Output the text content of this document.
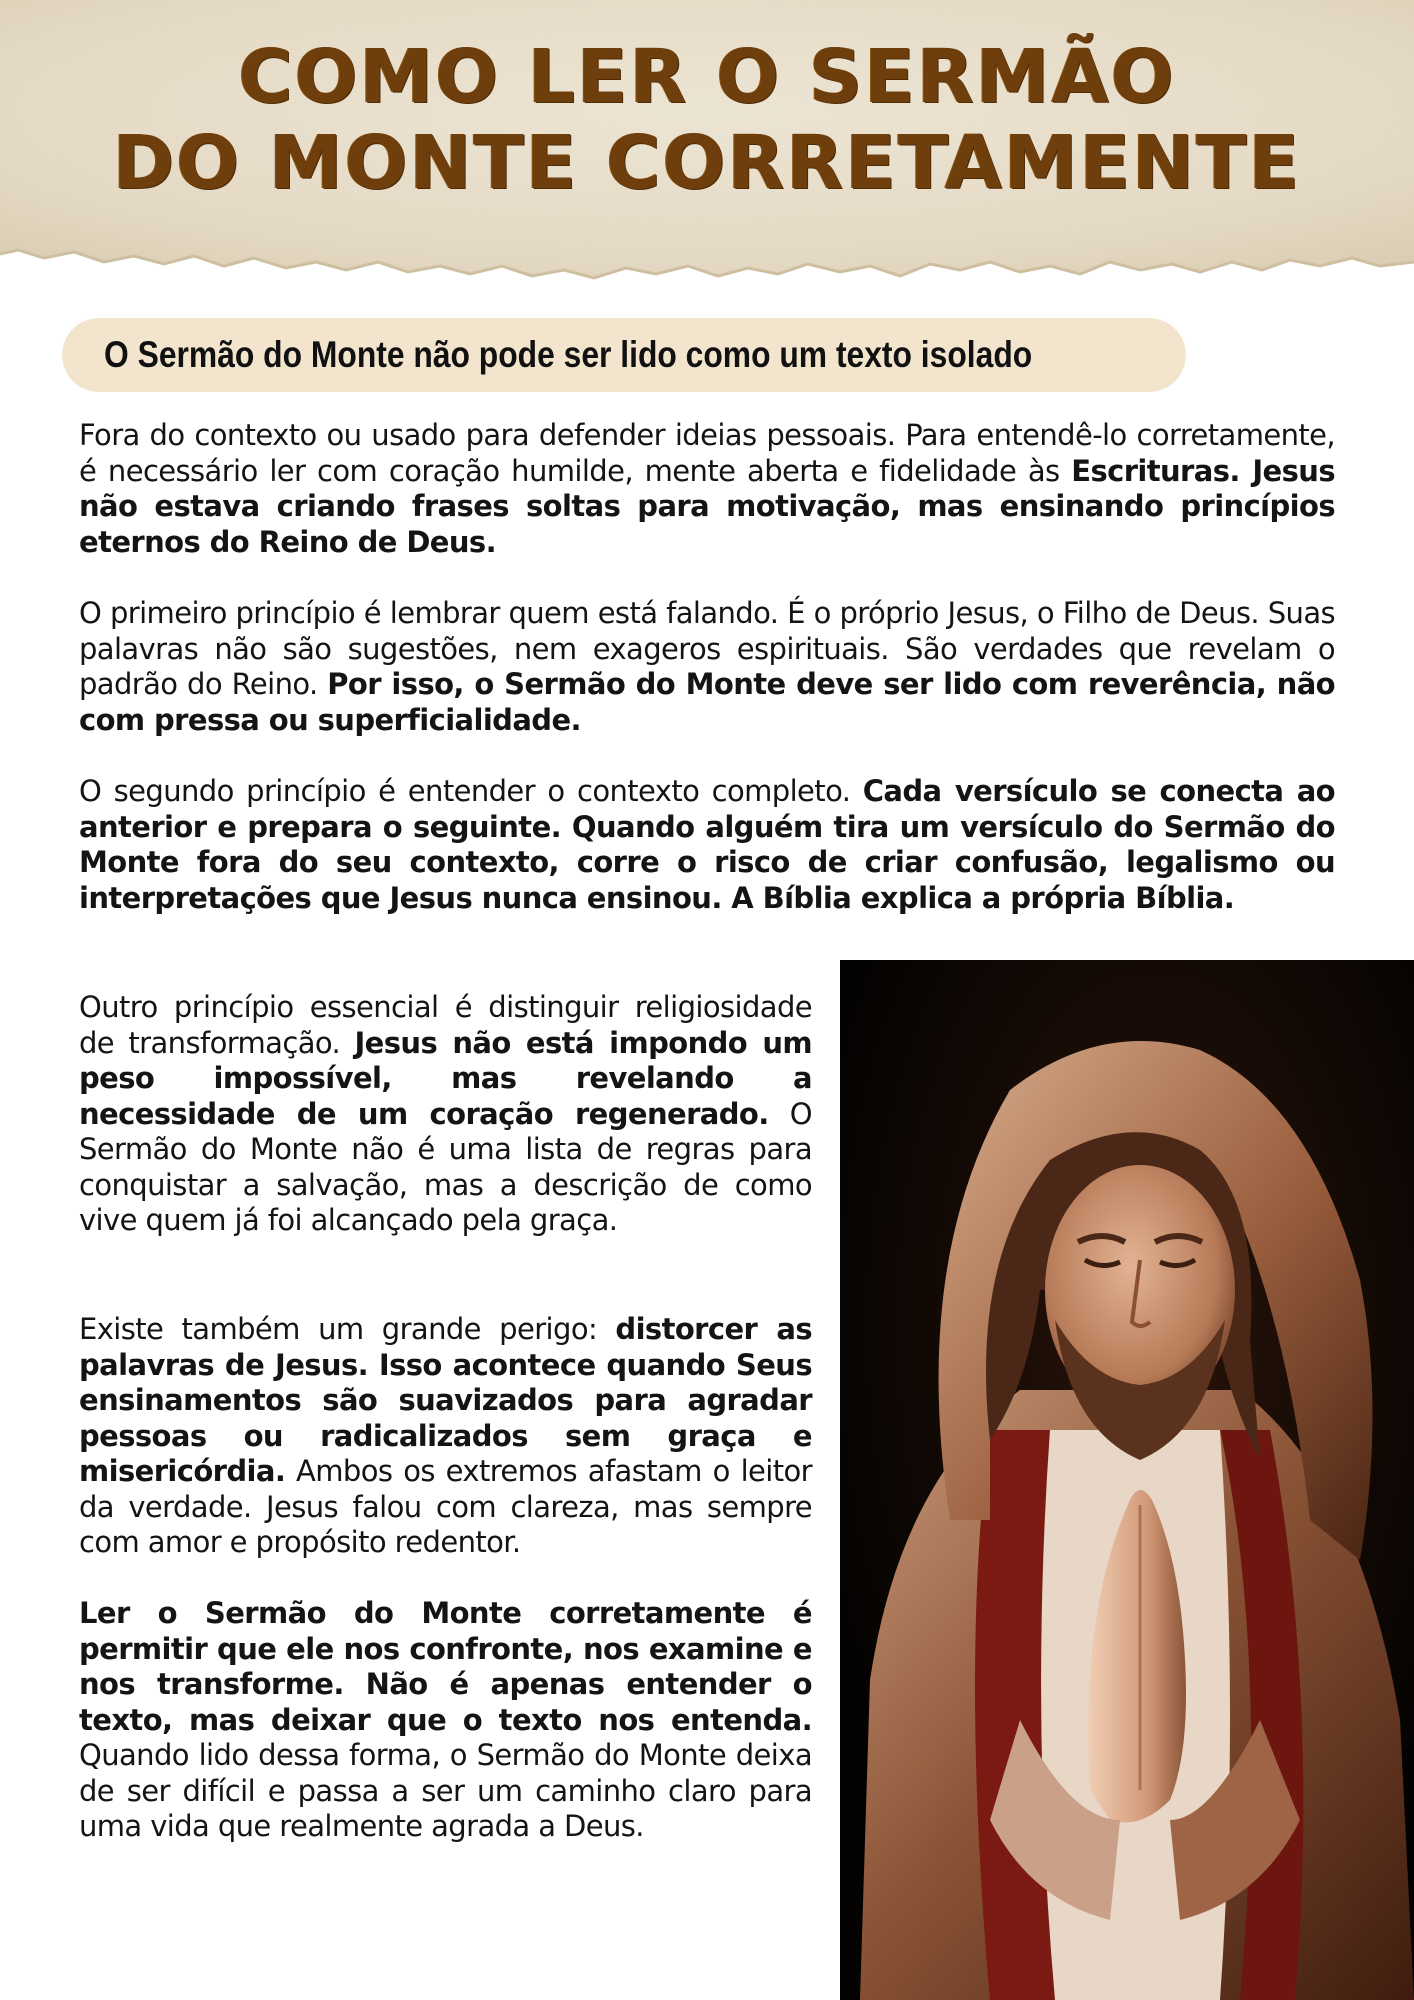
COMO LER O SERMÃO
DO MONTE CORRETAMENTE
O Sermão do Monte não pode ser lido como um texto isolado

Fora do contexto ou usado para defender ideias pessoais. Para entendê-lo corretamente, é necessário ler com coração humilde, mente aberta e fidelidade às Escrituras. Jesus não estava criando frases soltas para motivação, mas ensinando princípios eternos do Reino de Deus.

O primeiro princípio é lembrar quem está falando. É o próprio Jesus, o Filho de Deus. Suas palavras não são sugestões, nem exageros espirituais. São verdades que revelam o padrão do Reino. Por isso, o Sermão do Monte deve ser lido com reverência, não com pressa ou superficialidade.

O segundo princípio é entender o contexto completo. Cada versículo se conecta ao anterior e prepara o seguinte. Quando alguém tira um versículo do Sermão do Monte fora do seu contexto, corre o risco de criar confusão, legalismo ou interpretações que Jesus nunca ensinou. A Bíblia explica a própria Bíblia.

Outro princípio essencial é distinguir religiosidade de transformação. Jesus não está impondo um peso impossível, mas revelando a necessidade de um coração regenerado. O Sermão do Monte não é uma lista de regras para conquistar a salvação, mas a descrição de como vive quem já foi alcançado pela graça.

Existe também um grande perigo: distorcer as palavras de Jesus. Isso acontece quando Seus ensinamentos são suavizados para agradar pessoas ou radicalizados sem graça e misericórdia. Ambos os extremos afastam o leitor da verdade. Jesus falou com clareza, mas sempre com amor e propósito redentor.

Ler o Sermão do Monte corretamente é permitir que ele nos confronte, nos examine e nos transforme. Não é apenas entender o texto, mas deixar que o texto nos entenda. Quando lido dessa forma, o Sermão do Monte deixa de ser difícil e passa a ser um caminho claro para uma vida que realmente agrada a Deus.
